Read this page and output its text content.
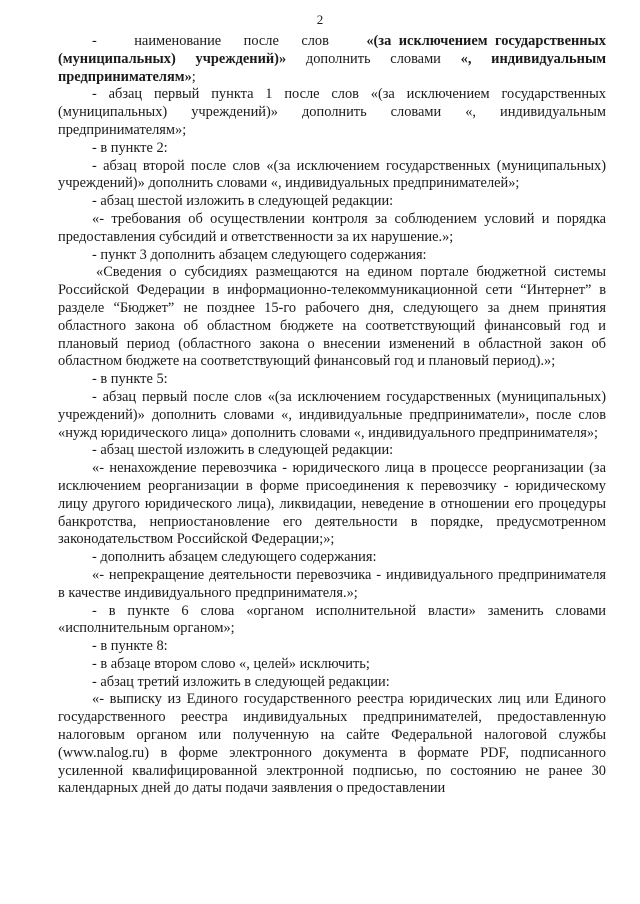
2

-     наименование   после   слов     «(за исключением государственных (муниципальных) учреждений)» дополнить словами «, индивидуальным предпринимателям»;

- абзац первый пункта 1 после слов «(за исключением государственных (муниципальных) учреждений)» дополнить словами «, индивидуальным предпринимателям»;

- в пункте 2:

- абзац второй после слов «(за исключением государственных (муниципальных) учреждений)» дополнить словами «, индивидуальных предпринимателей»;

- абзац шестой изложить в следующей редакции:

«- требования об осуществлении контроля за соблюдением условий и порядка предоставления субсидий и ответственности за их нарушение.»;

- пункт 3 дополнить абзацем следующего содержания:

«Сведения о субсидиях размещаются на едином портале бюджетной системы Российской Федерации в информационно-телекоммуникационной сети “Интернет” в разделе “Бюджет” не позднее 15-го рабочего дня, следующего за днем принятия областного закона об областном бюджете на соответствующий финансовый год и плановый период (областного закона о внесении изменений в областной закон об областном бюджете на соответствующий финансовый год и плановый период).»;

- в пункте 5:

- абзац первый после слов «(за исключением государственных (муниципальных) учреждений)» дополнить словами «, индивидуальные предприниматели», после слов «нужд юридического лица» дополнить словами «, индивидуального предпринимателя»;

- абзац шестой изложить в следующей редакции:

«- ненахождение перевозчика - юридического лица в процессе реорганизации (за исключением реорганизации в форме присоединения к перевозчику - юридическому лицу другого юридического лица), ликвидации, неведение в отношении его процедуры банкротства, неприостановление его деятельности в порядке, предусмотренном законодательством Российской Федерации;»;

- дополнить абзацем следующего содержания:

«- непрекращение деятельности перевозчика - индивидуального предпринимателя в качестве индивидуального предпринимателя.»;

- в пункте 6 слова «органом исполнительной власти» заменить словами «исполнительным органом»;

- в пункте 8:

- в абзаце втором слово «, целей» исключить;

- абзац третий изложить в следующей редакции:

«- выписку из Единого государственного реестра юридических лиц или Единого государственного реестра индивидуальных предпринимателей, предоставленную налоговым органом или полученную на сайте Федеральной налоговой службы (www.nalog.ru) в форме электронного документа в формате PDF, подписанного усиленной квалифицированной электронной подписью, по состоянию не ранее 30 календарных дней до даты подачи заявления о предоставлении
